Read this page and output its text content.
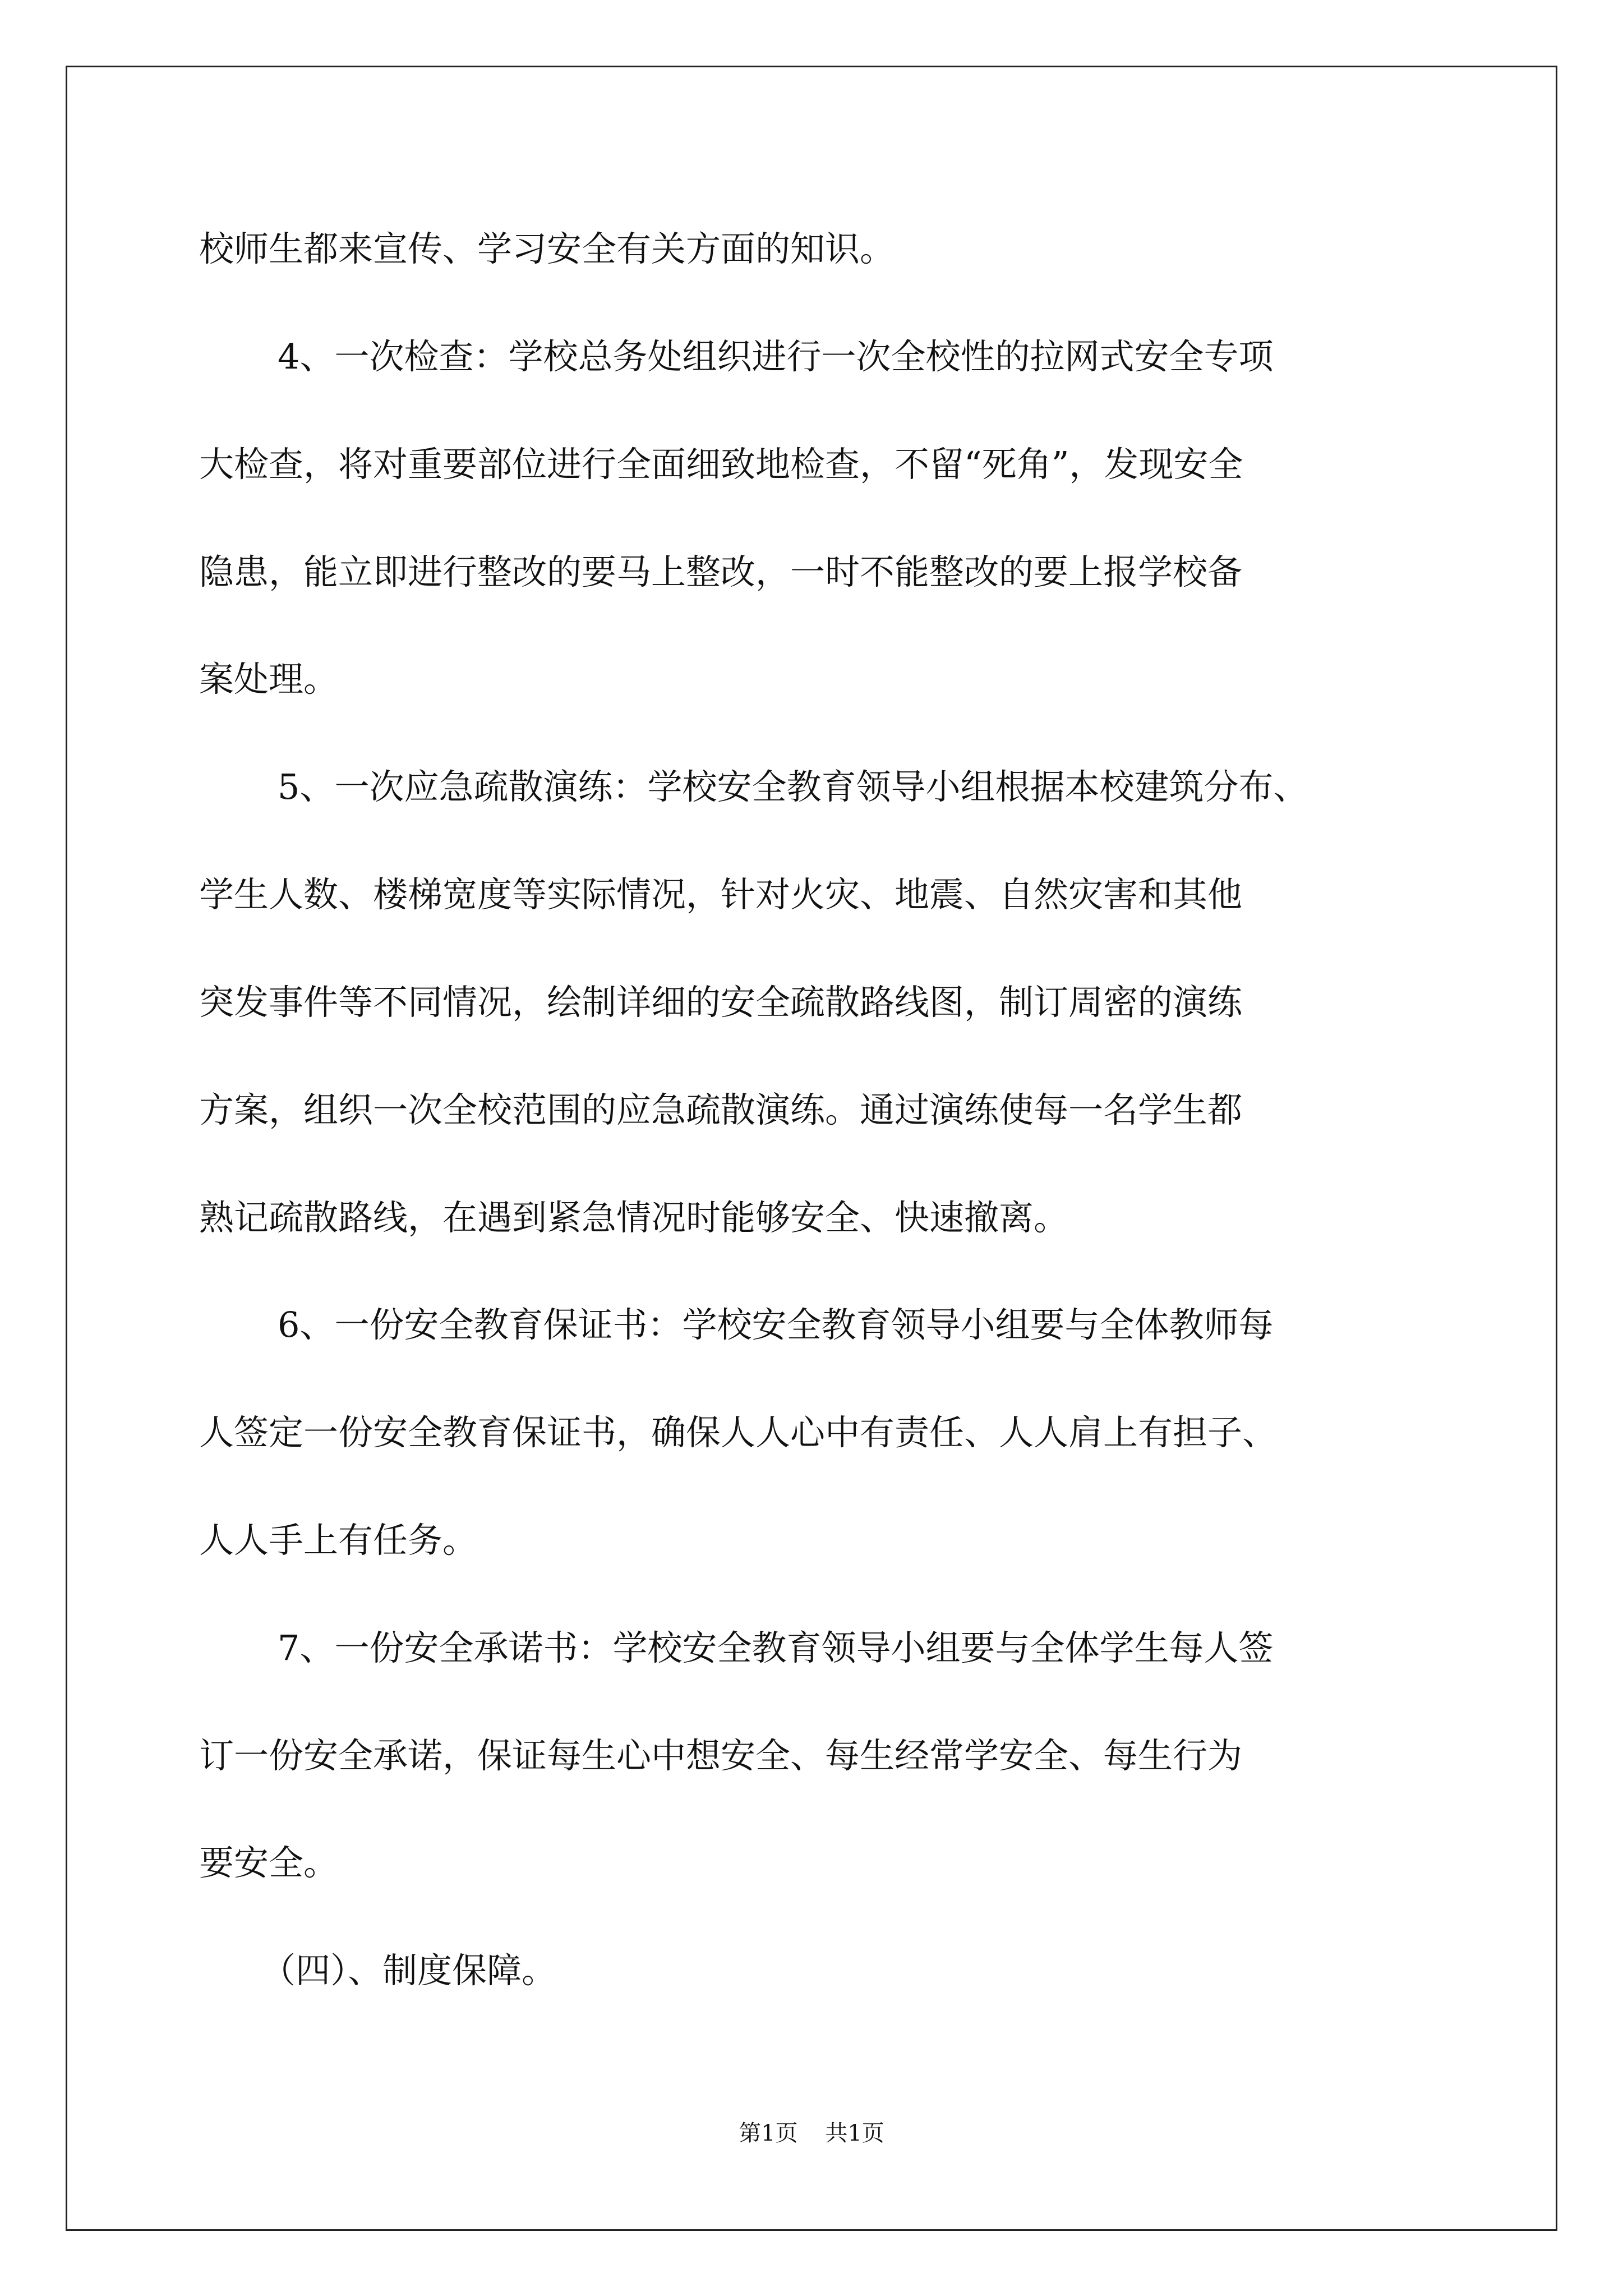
校师生都来宣传、学习安全有关方面的知识。
4、一次检查：学校总务处组织进行一次全校性的拉网式安全专项
大检查，将对重要部位进行全面细致地检查，不留“死角”，发现安全
隐患，能立即进行整改的要马上整改，一时不能整改的要上报学校备
案处理。
5、一次应急疏散演练：学校安全教育领导小组根据本校建筑分布、
学生人数、楼梯宽度等实际情况，针对火灾、地震、自然灾害和其他
突发事件等不同情况，绘制详细的安全疏散路线图，制订周密的演练
方案，组织一次全校范围的应急疏散演练。通过演练使每一名学生都
熟记疏散路线，在遇到紧急情况时能够安全、快速撤离。
6、一份安全教育保证书：学校安全教育领导小组要与全体教师每
人签定一份安全教育保证书，确保人人心中有责任、人人肩上有担子、
人人手上有任务。
7、一份安全承诺书：学校安全教育领导小组要与全体学生每人签
订一份安全承诺，保证每生心中想安全、每生经常学安全、每生行为
要安全。
（四）、制度保障。
第1页 共1页
